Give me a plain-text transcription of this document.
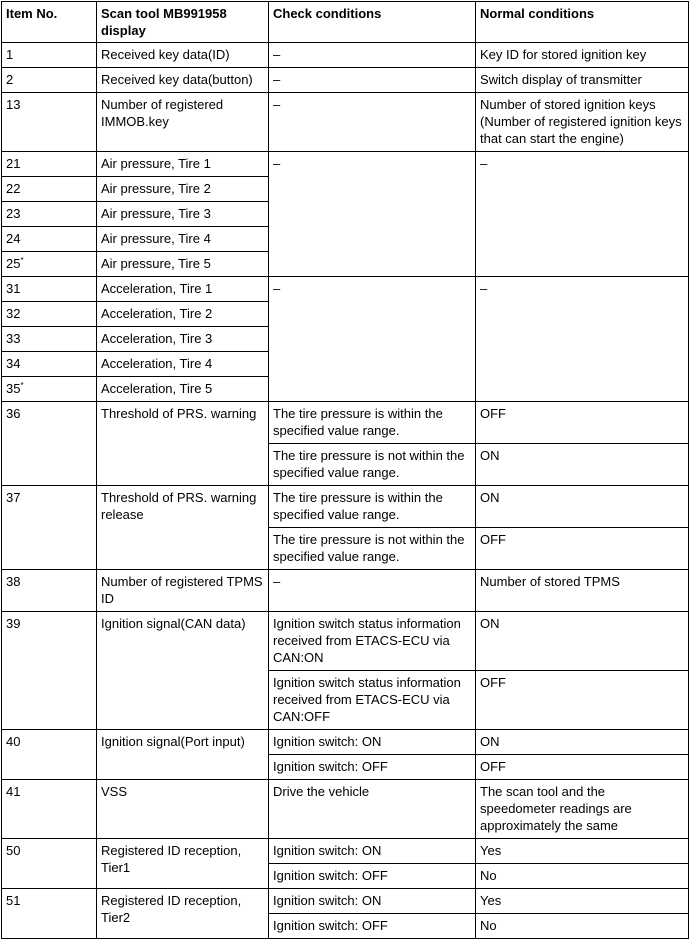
Item No.	Scan tool MB991958 display	Check conditions	Normal conditions
1	Received key data(ID)	–	Key ID for stored ignition key
2	Received key data(button)	–	Switch display of transmitter
13	Number of registered IMMOB.key	–	Number of stored ignition keys (Number of registered ignition keys that can start the engine)
21	Air pressure, Tire 1	–	–
22	Air pressure, Tire 2		
23	Air pressure, Tire 3		
24	Air pressure, Tire 4		
25*	Air pressure, Tire 5		
31	Acceleration, Tire 1	–	–
32	Acceleration, Tire 2		
33	Acceleration, Tire 3		
34	Acceleration, Tire 4		
35*	Acceleration, Tire 5		
36	Threshold of PRS. warning	The tire pressure is within the specified value range.	OFF
		The tire pressure is not within the specified value range.	ON
37	Threshold of PRS. warning release	The tire pressure is within the specified value range.	ON
		The tire pressure is not within the specified value range.	OFF
38	Number of registered TPMS ID	–	Number of stored TPMS
39	Ignition signal(CAN data)	Ignition switch status information received from ETACS-ECU via CAN:ON	ON
		Ignition switch status information received from ETACS-ECU via CAN:OFF	OFF
40	Ignition signal(Port input)	Ignition switch: ON	ON
		Ignition switch: OFF	OFF
41	VSS	Drive the vehicle	The scan tool and the speedometer readings are approximately the same
50	Registered ID reception, Tier1	Ignition switch: ON	Yes
		Ignition switch: OFF	No
51	Registered ID reception, Tier2	Ignition switch: ON	Yes
		Ignition switch: OFF	No
